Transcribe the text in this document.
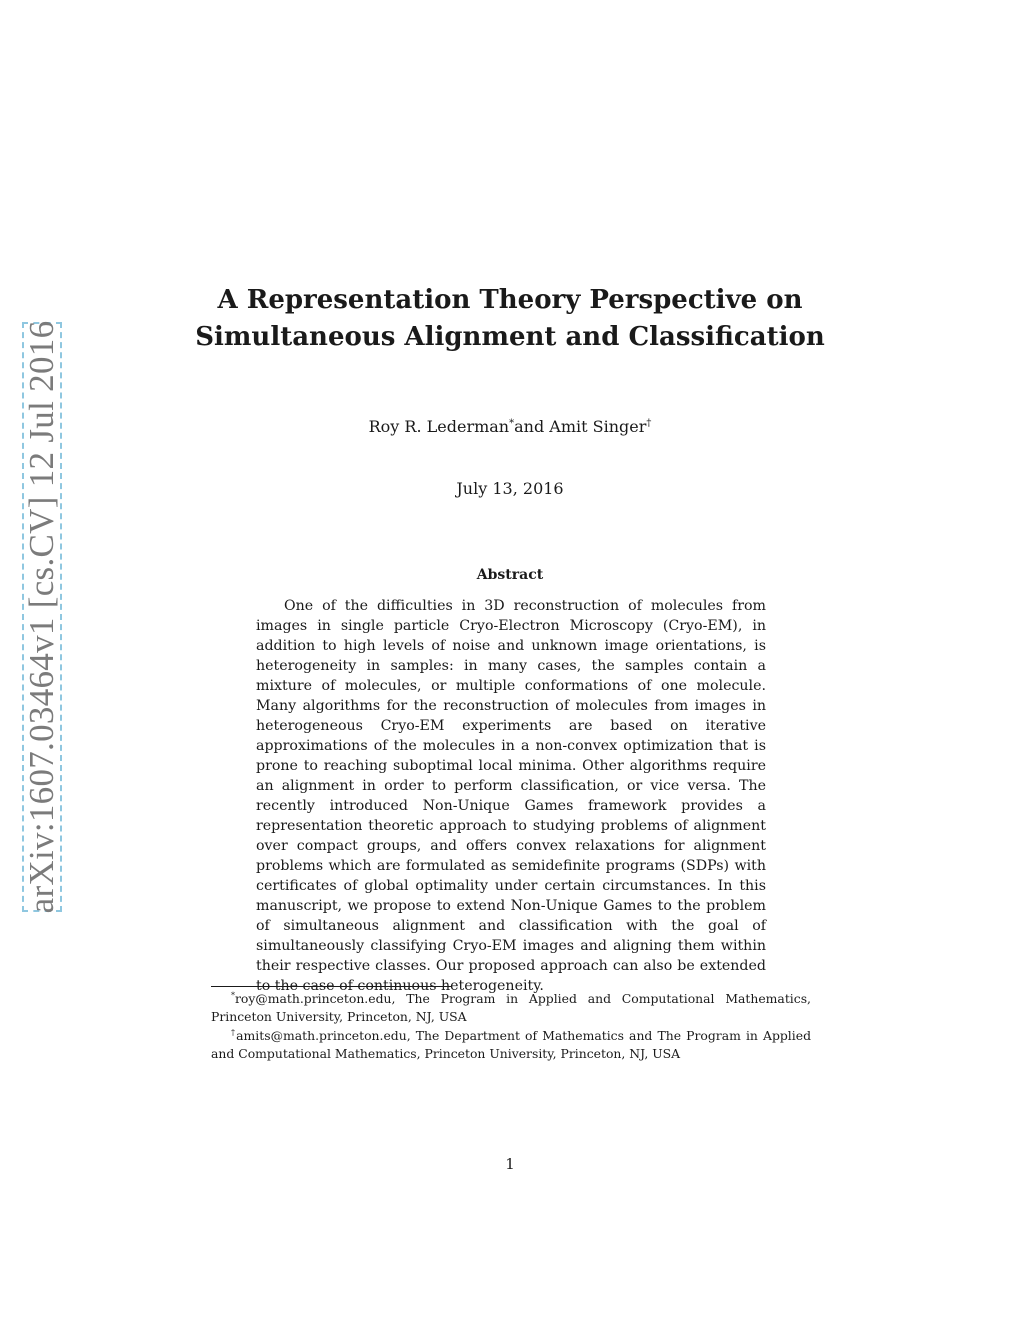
arXiv:1607.03464v1 [cs.CV] 12 Jul 2016
A Representation Theory Perspective on Simultaneous Alignment and Classification
Roy R. Lederman*and Amit Singer†
July 13, 2016
Abstract

One of the difficulties in 3D reconstruction of molecules from images in single particle Cryo-Electron Microscopy (Cryo-EM), in addition to high levels of noise and unknown image orientations, is heterogeneity in samples: in many cases, the samples contain a mixture of molecules, or multiple conformations of one molecule. Many algorithms for the reconstruction of molecules from images in heterogeneous Cryo-EM experiments are based on iterative approximations of the molecules in a non-convex optimization that is prone to reaching suboptimal local minima. Other algorithms require an alignment in order to perform classification, or vice versa. The recently introduced Non-Unique Games framework provides a representation theoretic approach to studying problems of alignment over compact groups, and offers convex relaxations for alignment problems which are formulated as semidefinite programs (SDPs) with certificates of global optimality under certain circumstances. In this manuscript, we propose to extend Non-Unique Games to the problem of simultaneous alignment and classification with the goal of simultaneously classifying Cryo-EM images and aligning them within their respective classes. Our proposed approach can also be extended to the case of continuous heterogeneity.

*roy@math.princeton.edu, The Program in Applied and Computational Mathematics, Princeton University, Princeton, NJ, USA

†amits@math.princeton.edu, The Department of Mathematics and The Program in Applied and Computational Mathematics, Princeton University, Princeton, NJ, USA

1
